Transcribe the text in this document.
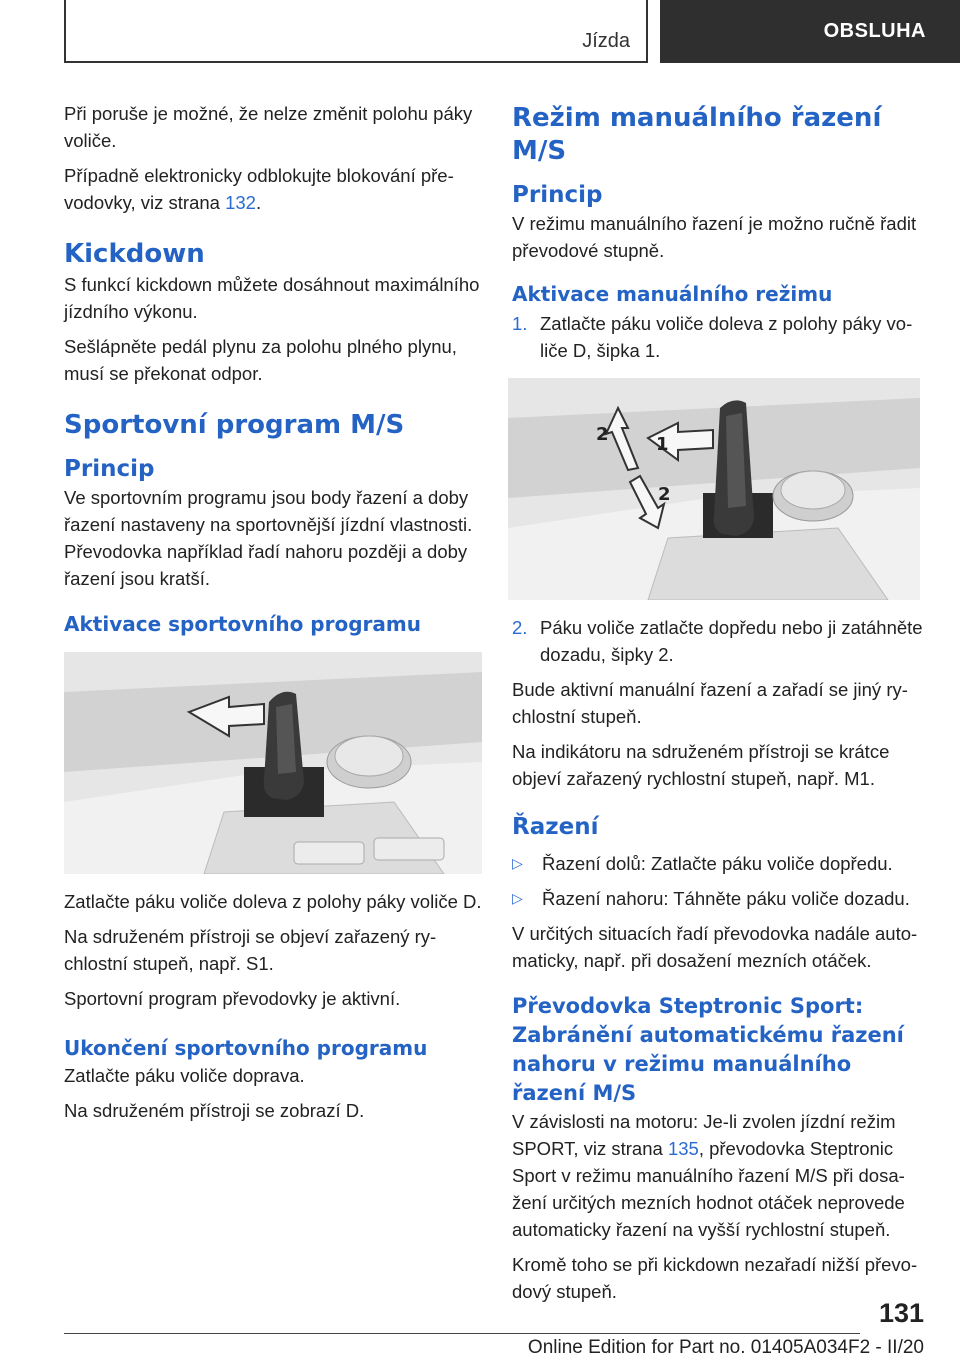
Jízda	OBSLUHA

Při poruše je možné, že nelze změnit polohu páky voliče.

Případně elektronicky odblokujte blokování převodovky, viz strana 132.

Kickdown

S funkcí kickdown můžete dosáhnout maximálního jízdního výkonu.

Sešlápněte pedál plynu za polohu plného plynu, musí se překonat odpor.

Sportovní program M/S
Princip

Ve sportovním programu jsou body řazení a doby řazení nastaveny na sportovnější jízdní vlastnosti. Převodovka například řadí nahoru později a doby řazení jsou kratší.

Aktivace sportovního programu

Zatlačte páku voliče doleva z polohy páky voliče D.

Na sdruženém přístroji se objeví zařazený rychlostní stupeň, např. S1.

Sportovní program převodovky je aktivní.

Ukončení sportovního programu

Zatlačte páku voliče doprava.

Na sdruženém přístroji se zobrazí D.

Režim manuálního řazení M/S
Princip

V režimu manuálního řazení je možno ručně řadit převodové stupně.

Aktivace manuálního režimu
1. Zatlačte páku voliče doleva z polohy páky voliče D, šipka 1.
1
2
2
2. Páku voliče zatlačte dopředu nebo ji zatáhněte dozadu, šipky 2.

Bude aktivní manuální řazení a zařadí se jiný rychlostní stupeň.

Na indikátoru na sdruženém přístroji se krátce objeví zařazený rychlostní stupeň, např. M1.

Řazení
▷	Řazení dolů: Zatlačte páku voliče dopředu.
▷	Řazení nahoru: Táhněte páku voliče dozadu.

V určitých situacích řadí převodovka nadále automaticky, např. při dosažení mezních otáček.

Převodovka Steptronic Sport: Zabránění automatickému řazení nahoru v režimu manuálního řazení M/S

V závislosti na motoru: Je-li zvolen jízdní režim SPORT, viz strana 135, převodovka Steptronic Sport v režimu manuálního řazení M/S při dosažení určitých mezních hodnot otáček neprovede automaticky řazení na vyšší rychlostní stupeň.

Kromě toho se při kickdown nezařadí nižší převodový stupeň.

131
Online Edition for Part no. 01405A034F2 - II/20
